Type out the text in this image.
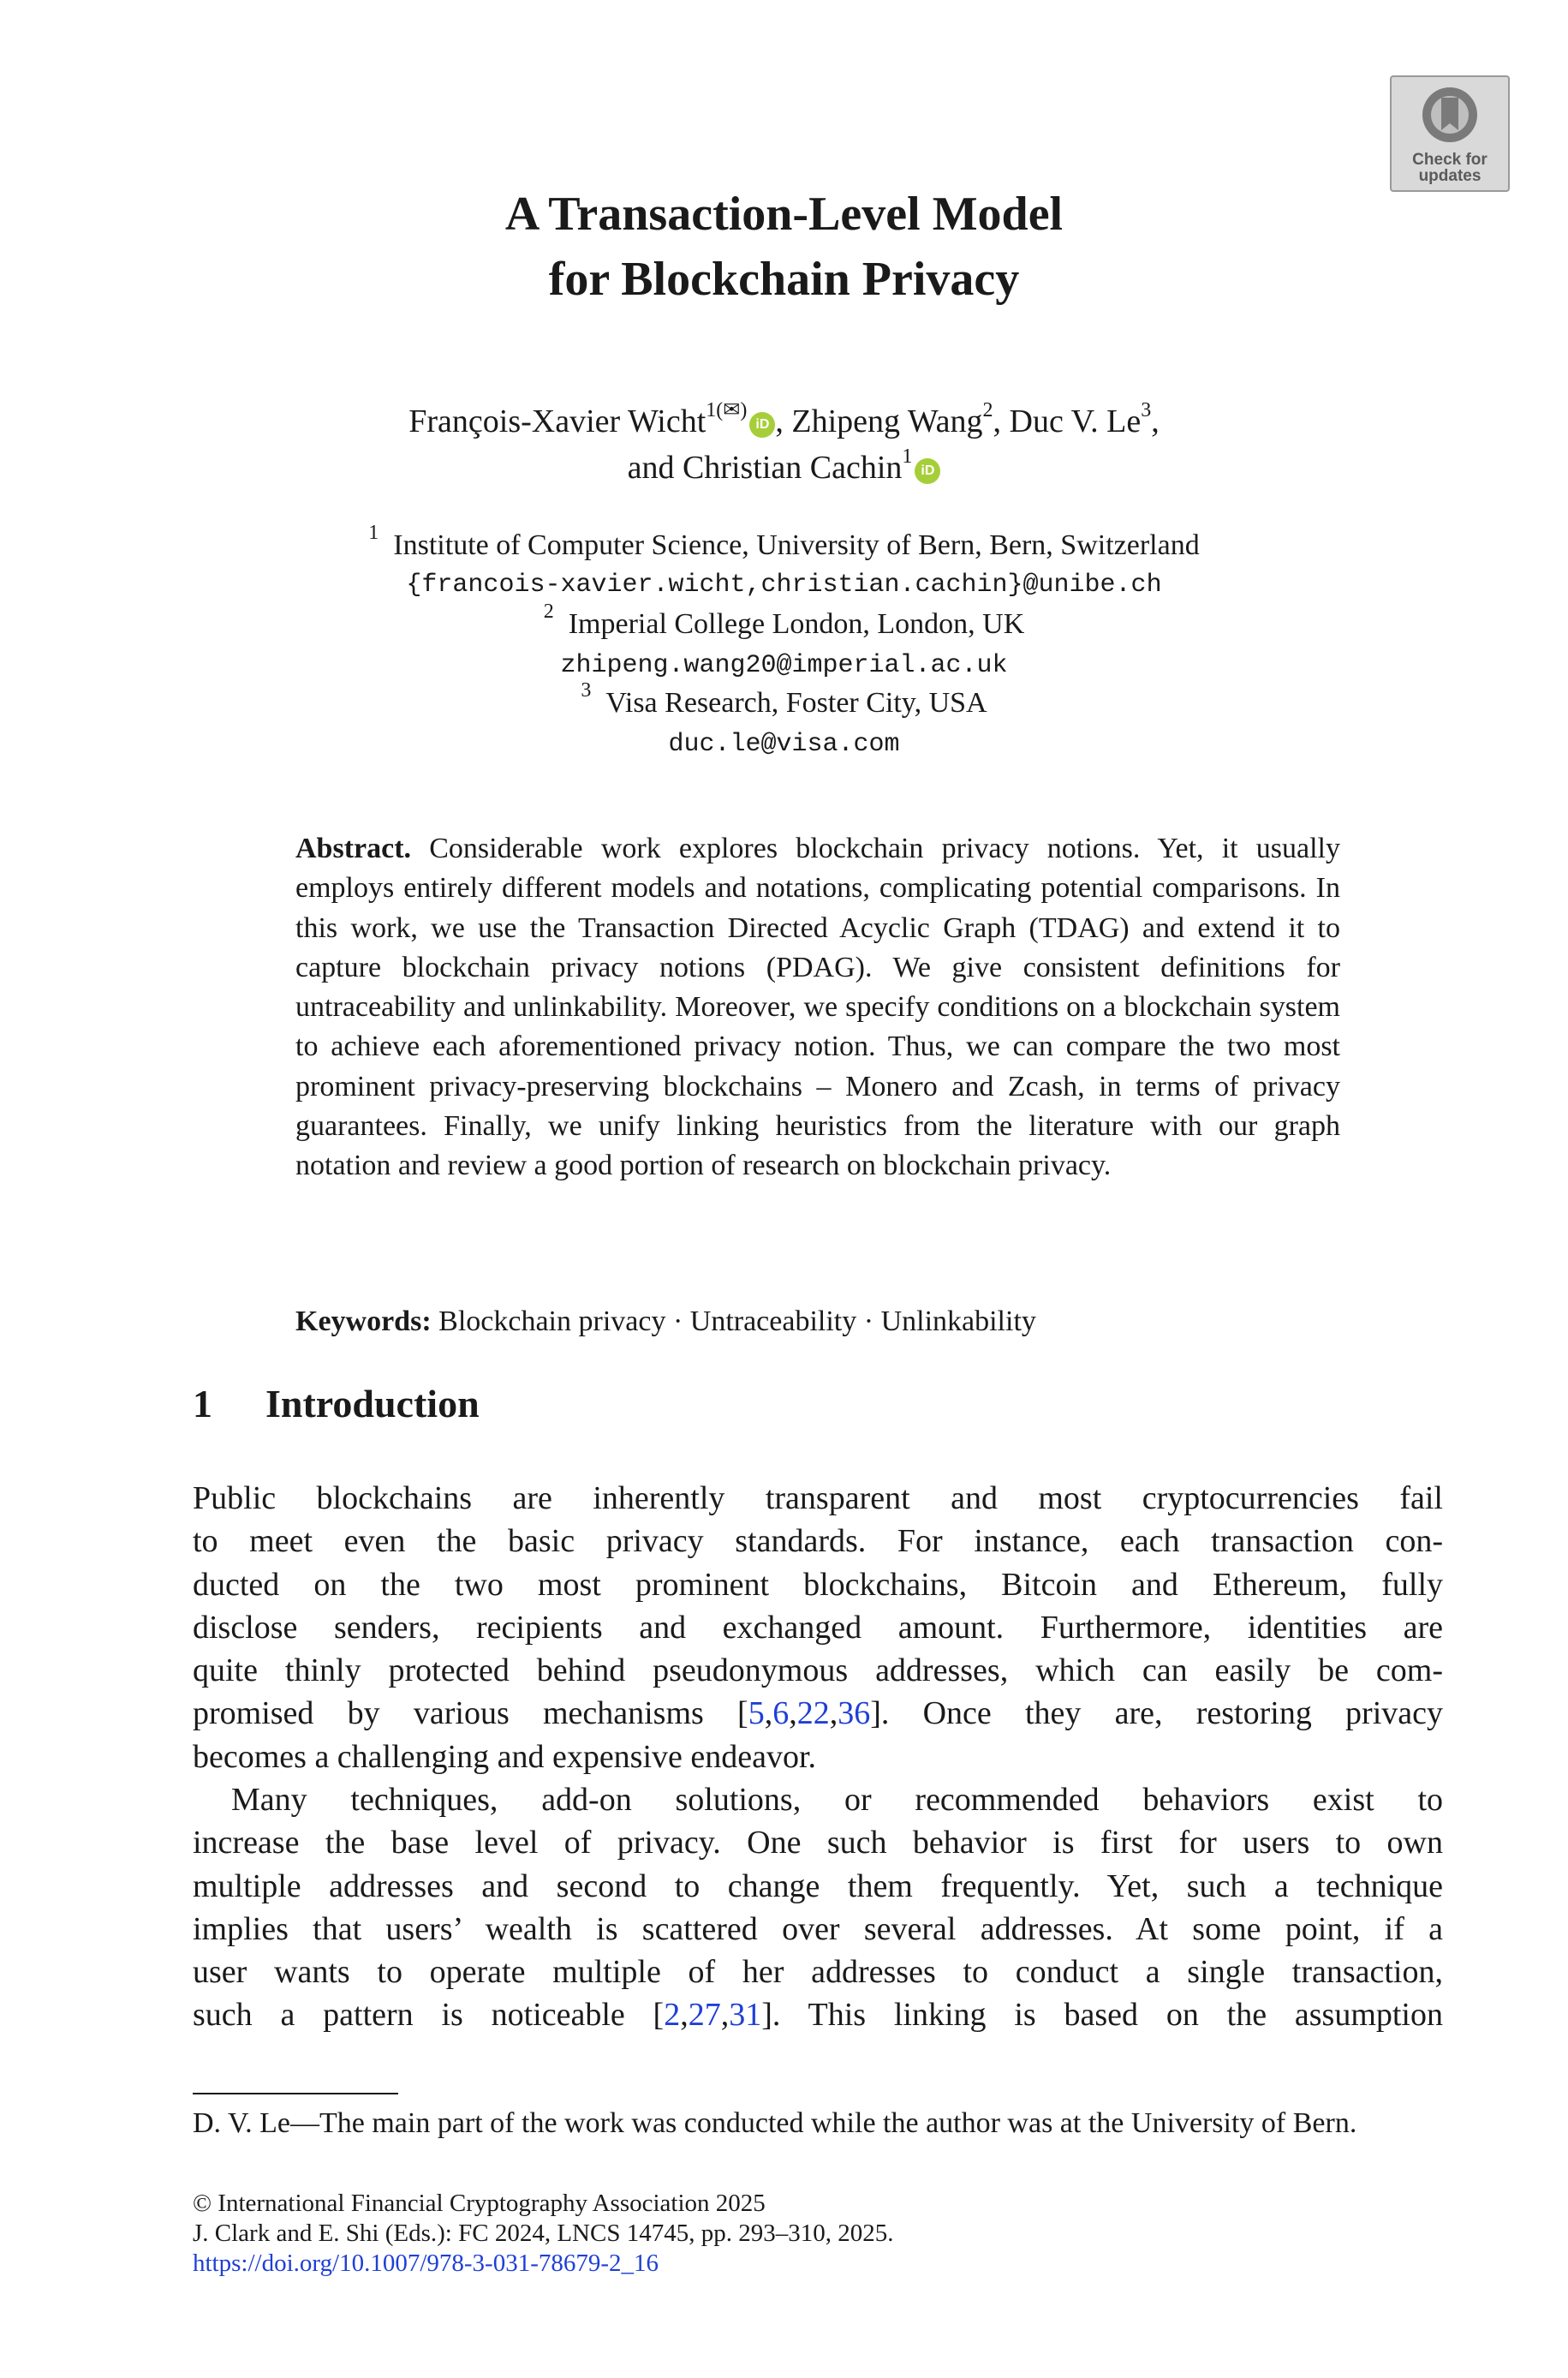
Check for
updates
A Transaction-Level Model
for Blockchain Privacy
François-Xavier Wicht$^{1(✉)}$iD , Zhipeng Wang$^2$, Duc V. Le$^3$,
and Christian Cachin$^1$iD
$^1$ Institute of Computer Science, University of Bern, Bern, Switzerland
{francois-xavier.wicht,christian.cachin}@unibe.ch
$^2$ Imperial College London, London, UK
zhipeng.wang20@imperial.ac.uk
$^3$ Visa Research, Foster City, USA
duc.le@visa.com
Abstract. Considerable work explores blockchain privacy notions. Yet, it usually employs entirely different models and notations, complicating potential comparisons. In this work, we use the Transaction Directed Acyclic Graph (TDAG) and extend it to capture blockchain privacy notions (PDAG). We give consistent definitions for untraceability and unlinkability. Moreover, we specify conditions on a blockchain system to achieve each aforementioned privacy notion. Thus, we can compare the two most prominent privacy-preserving blockchains – Monero and Zcash, in terms of privacy guarantees. Finally, we unify linking heuristics from the literature with our graph notation and review a good portion of research on blockchain privacy.
Keywords: Blockchain privacy · Untraceability · Unlinkability
1 Introduction
Public blockchains are inherently transparent and most cryptocurrencies fail
to meet even the basic privacy standards. For instance, each transaction con-
ducted on the two most prominent blockchains, Bitcoin and Ethereum, fully
disclose senders, recipients and exchanged amount. Furthermore, identities are
quite thinly protected behind pseudonymous addresses, which can easily be com-
promised by various mechanisms [5,6,22,36]. Once they are, restoring privacy
becomes a challenging and expensive endeavor.
Many techniques, add-on solutions, or recommended behaviors exist to
increase the base level of privacy. One such behavior is first for users to own
multiple addresses and second to change them frequently. Yet, such a technique
implies that users’ wealth is scattered over several addresses. At some point, if a
user wants to operate multiple of her addresses to conduct a single transaction,
such a pattern is noticeable [2,27,31]. This linking is based on the assumption
D. V. Le—The main part of the work was conducted while the author was at the University of Bern.
© International Financial Cryptography Association 2025
J. Clark and E. Shi (Eds.): FC 2024, LNCS 14745, pp. 293–310, 2025.
https://doi.org/10.1007/978-3-031-78679-2_16
